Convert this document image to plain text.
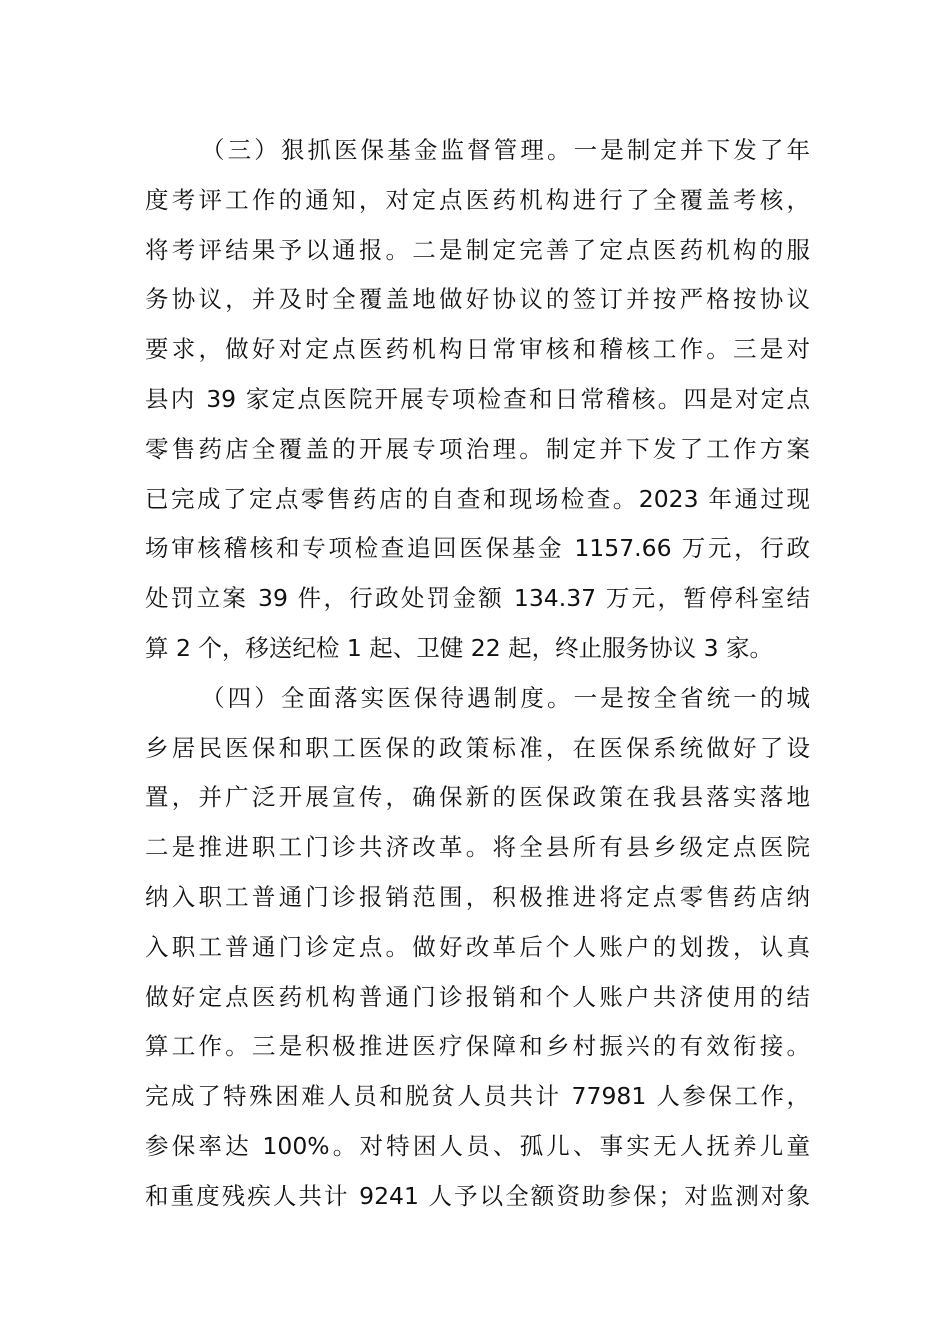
（三）狠抓医保基金监督管理。一是制定并下发了年
度考评工作的通知，对定点医药机构进行了全覆盖考核，
将考评结果予以通报。二是制定完善了定点医药机构的服
务协议，并及时全覆盖地做好协议的签订并按严格按协议
要求，做好对定点医药机构日常审核和稽核工作。三是对
县内 39 家定点医院开展专项检查和日常稽核。四是对定点
零售药店全覆盖的开展专项治理。制定并下发了工作方案
已完成了定点零售药店的自查和现场检查。2023 年通过现
场审核稽核和专项检查追回医保基金 1157.66 万元，行政
处罚立案 39 件，行政处罚金额 134.37 万元，暂停科室结
算 2 个，移送纪检 1 起、卫健 22 起，终止服务协议 3 家。
（四）全面落实医保待遇制度。一是按全省统一的城
乡居民医保和职工医保的政策标准，在医保系统做好了设
置，并广泛开展宣传，确保新的医保政策在我县落实落地
二是推进职工门诊共济改革。将全县所有县乡级定点医院
纳入职工普通门诊报销范围，积极推进将定点零售药店纳
入职工普通门诊定点。做好改革后个人账户的划拨，认真
做好定点医药机构普通门诊报销和个人账户共济使用的结
算工作。三是积极推进医疗保障和乡村振兴的有效衔接。
完成了特殊困难人员和脱贫人员共计 77981 人参保工作，
参保率达 100%。对特困人员、孤儿、事实无人抚养儿童
和重度残疾人共计 9241 人予以全额资助参保；对监测对象
